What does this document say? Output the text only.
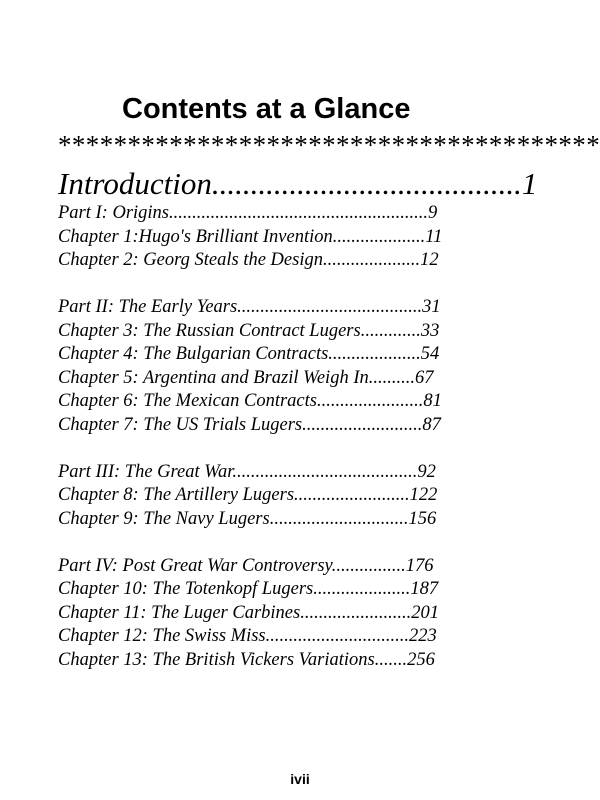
Contents at a Glance
***************************************
Introduction........................................1
Part I: Origins........................................................9
Chapter 1:Hugo's Brilliant Invention....................11
Chapter 2: Georg Steals the Design.....................12
Part II: The Early Years........................................31
Chapter 3: The Russian Contract Lugers.............33
Chapter 4: The Bulgarian Contracts....................54
Chapter 5: Argentina and Brazil Weigh In..........67
Chapter 6: The Mexican Contracts.......................81
Chapter 7: The US Trials Lugers..........................87
Part III: The Great War........................................92
Chapter 8: The Artillery Lugers.........................122
Chapter 9: The Navy Lugers..............................156
Part IV: Post Great War Controversy................176
Chapter 10: The Totenkopf Lugers.....................187
Chapter 11: The Luger Carbines........................201
Chapter 12: The Swiss Miss...............................223
Chapter 13: The British Vickers Variations.......256
ivii
